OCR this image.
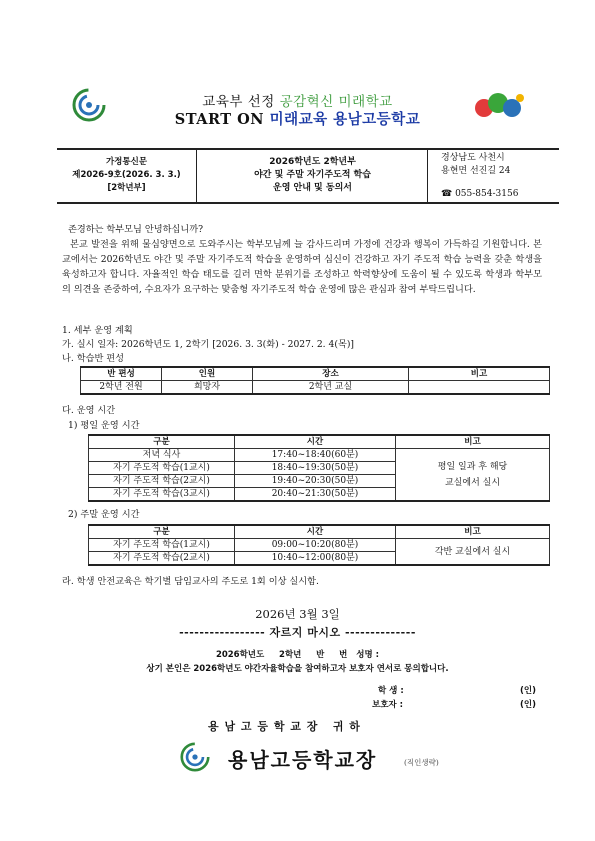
교육부 선정 공감혁신 미래학교
START ON 미래교육 용남고등학교
가정통신문
제2026-9호(2026. 3. 3.)
[2학년부]
2026학년도 2학년부
야간 및 주말 자기주도적 학습
운영 안내 및 동의서
경상남도 사천시
용현면 선진길 24
☎ 055-854-3156
존경하는 학부모님 안녕하십니까?
본교 발전을 위해 물심양면으로 도와주시는 학부모님께 늘 감사드리며 가정에 건강과 행복이 가득하길 기원합니다. 본교에서는 2026학년도 야간 및 주말 자기주도적 학습을 운영하여 심신이 건강하고 자기 주도적 학습 능력을 갖춘 학생을 육성하고자 합니다. 자율적인 학습 태도를 길러 면학 분위기를 조성하고 학력향상에 도움이 될 수 있도록 학생과 학부모의 의견을 존중하여, 수요자가 요구하는 맞춤형 자기주도적 학습 운영에 많은 관심과 참여 부탁드립니다.
1. 세부 운영 계획
가. 실시 일자: 2026학년도 1, 2학기 [2026. 3. 3(화) - 2027. 2. 4(목)]
나. 학습반 편성
반 편성	인원	장소	비고
2학년 전원	희망자	2학년 교실	
다. 운영 시간
1) 평일 운영 시간
구분	시간	비고
저녁 식사	17:40~18:40(60분)	평일 일과 후 해당
교실에서 실시

자기 주도적 학습(1교시)	18:40~19:30(50분)	
자기 주도적 학습(2교시)	19:40~20:30(50분)	
자기 주도적 학습(3교시)	20:40~21:30(50분)	
2) 주말 운영 시간
구분	시간	비고
자기 주도적 학습(1교시)	09:00~10:20(80분)	각반 교실에서 실시
자기 주도적 학습(2교시)	10:40~12:00(80분)	
라. 학생 안전교육은 학기별 담임교사의 주도로 1회 이상 실시함.
2026년 3월 3일
----------------- 자르지 마시오 --------------
2026학년도     2학년     반     번   성명 :
상기 본인은 2026학년도 야간자율학습을 참여하고자 보호자 연서로 몽의합니다.
학 생 :	(인)
보호자 :	(인)
용 남 고 등 학 교 장   귀 하
용남고등학교장	(직인생략)
